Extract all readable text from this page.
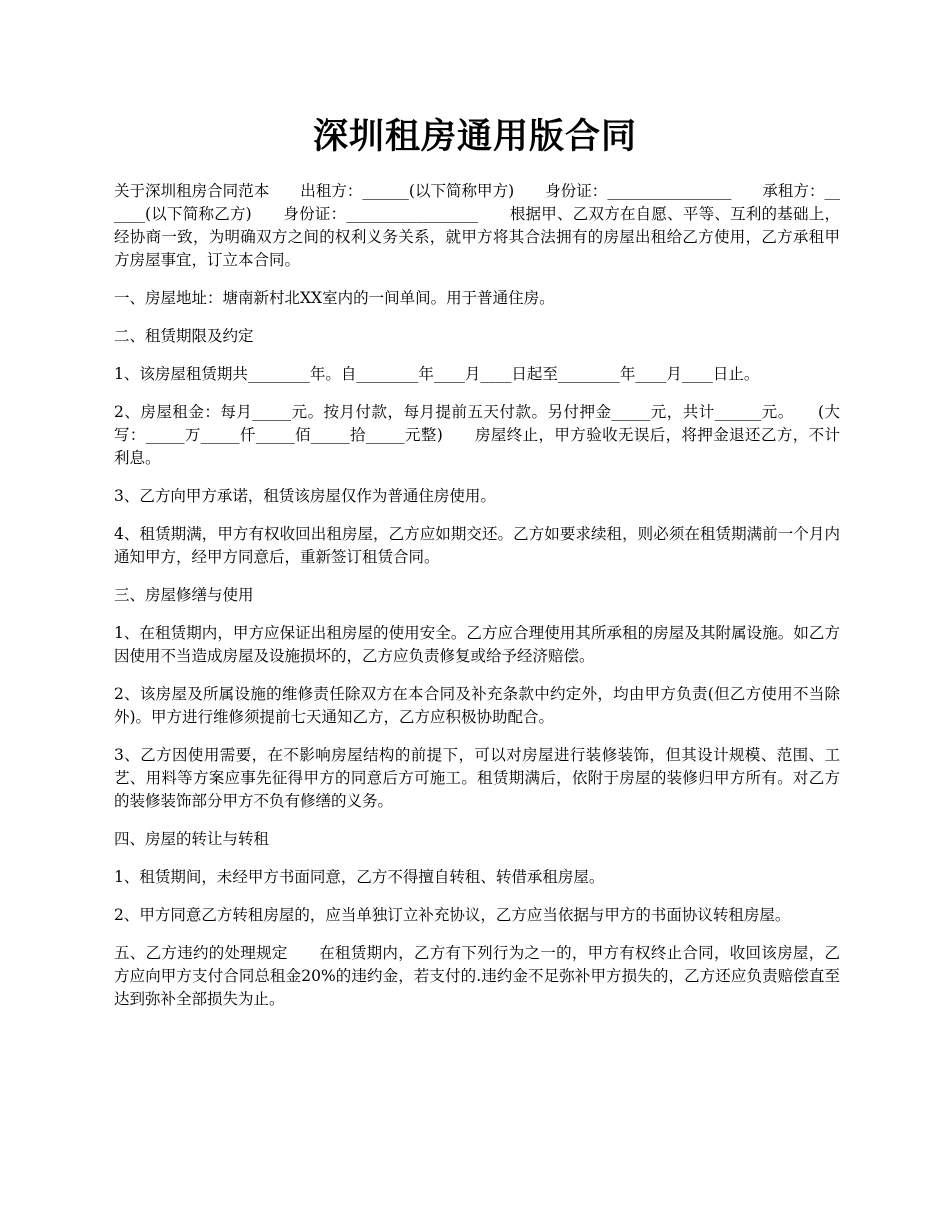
深圳租房通用版合同

关于深圳租房合同范本　　出租方：______(以下简称甲方)　　身份证：________________　　承租方：______(以下简称乙方)　　身份证：_________________　　根据甲、乙双方在自愿、平等、互利的基础上，经协商一致，为明确双方之间的权利义务关系，就甲方将其合法拥有的房屋出租给乙方使用，乙方承租甲方房屋事宜，订立本合同。

一、房屋地址：塘南新村北XX室内的一间单间。用于普通住房。

二、租赁期限及约定

1、该房屋租赁期共________年。自________年____月____日起至________年____月____日止。

2、房屋租金：每月_____元。按月付款，每月提前五天付款。另付押金_____元，共计______元。　　(大写：_____万_____仟_____佰_____拾_____元整)　　房屋终止，甲方验收无误后，将押金退还乙方，不计利息。

3、乙方向甲方承诺，租赁该房屋仅作为普通住房使用。

4、租赁期满，甲方有权收回出租房屋，乙方应如期交还。乙方如要求续租，则必须在租赁期满前一个月内通知甲方，经甲方同意后，重新签订租赁合同。

三、房屋修缮与使用

1、在租赁期内，甲方应保证出租房屋的使用安全。乙方应合理使用其所承租的房屋及其附属设施。如乙方因使用不当造成房屋及设施损坏的，乙方应负责修复或给予经济赔偿。

2、该房屋及所属设施的维修责任除双方在本合同及补充条款中约定外，均由甲方负责(但乙方使用不当除外)。甲方进行维修须提前七天通知乙方，乙方应积极协助配合。

3、乙方因使用需要，在不影响房屋结构的前提下，可以对房屋进行装修装饰，但其设计规模、范围、工艺、用料等方案应事先征得甲方的同意后方可施工。租赁期满后，依附于房屋的装修归甲方所有。对乙方的装修装饰部分甲方不负有修缮的义务。

四、房屋的转让与转租

1、租赁期间，未经甲方书面同意，乙方不得擅自转租、转借承租房屋。

2、甲方同意乙方转租房屋的，应当单独订立补充协议，乙方应当依据与甲方的书面协议转租房屋。

五、乙方违约的处理规定　　在租赁期内，乙方有下列行为之一的，甲方有权终止合同，收回该房屋，乙方应向甲方支付合同总租金20%的违约金，若支付的.违约金不足弥补甲方损失的，乙方还应负责赔偿直至达到弥补全部损失为止。
